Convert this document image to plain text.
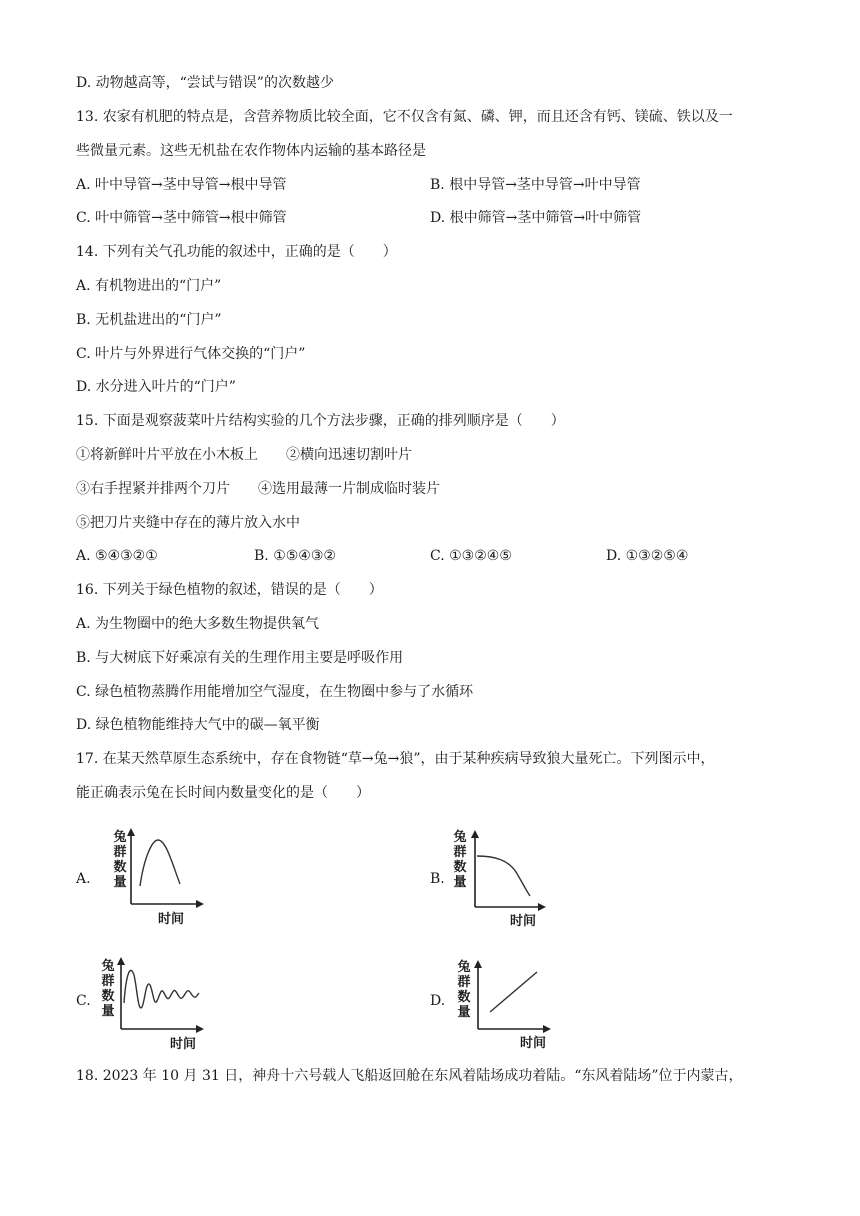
D. 动物越高等，“尝试与错误”的次数越少
13. 农家有机肥的特点是，含营养物质比较全面，它不仅含有氮、磷、钾，而且还含有钙、镁硫、铁以及一
些微量元素。这些无机盐在农作物体内运输的基本路径是
A. 叶中导管→茎中导管→根中导管	B. 根中导管→茎中导管→叶中导管
C. 叶中筛管→茎中筛管→根中筛管	D. 根中筛管→茎中筛管→叶中筛管
14. 下列有关气孔功能的叙述中，正确的是（　　）
A. 有机物进出的“门户”
B. 无机盐进出的“门户”
C. 叶片与外界进行气体交换的“门户”
D. 水分进入叶片的“门户”
15. 下面是观察菠菜叶片结构实验的几个方法步骤，正确的排列顺序是（　　）
①将新鲜叶片平放在小木板上　　②横向迅速切割叶片
③右手捏紧并排两个刀片　　④选用最薄一片制成临时装片
⑤把刀片夹缝中存在的薄片放入水中
A. ⑤④③②①	B. ①⑤④③②	C. ①③②④⑤	D. ①③②⑤④
16. 下列关于绿色植物的叙述，错误的是（　　）
A. 为生物圈中的绝大多数生物提供氧气
B. 与大树底下好乘凉有关的生理作用主要是呼吸作用
C. 绿色植物蒸腾作用能增加空气湿度，在生物圈中参与了水循环
D. 绿色植物能维持大气中的碳—氧平衡
17. 在某天然草原生态系统中，存在食物链“草→兔→狼”，由于某种疾病导致狼大量死亡。下列图示中，
能正确表示兔在长时间内数量变化的是（　　）
A.
兔群数量
时间
B.
兔群数量
时间
C.
兔群数量
时间
D.
兔群数量
时间
18. 2023 年 10 月 31 日，神舟十六号载人飞船返回舱在东风着陆场成功着陆。“东风着陆场”位于内蒙古，
